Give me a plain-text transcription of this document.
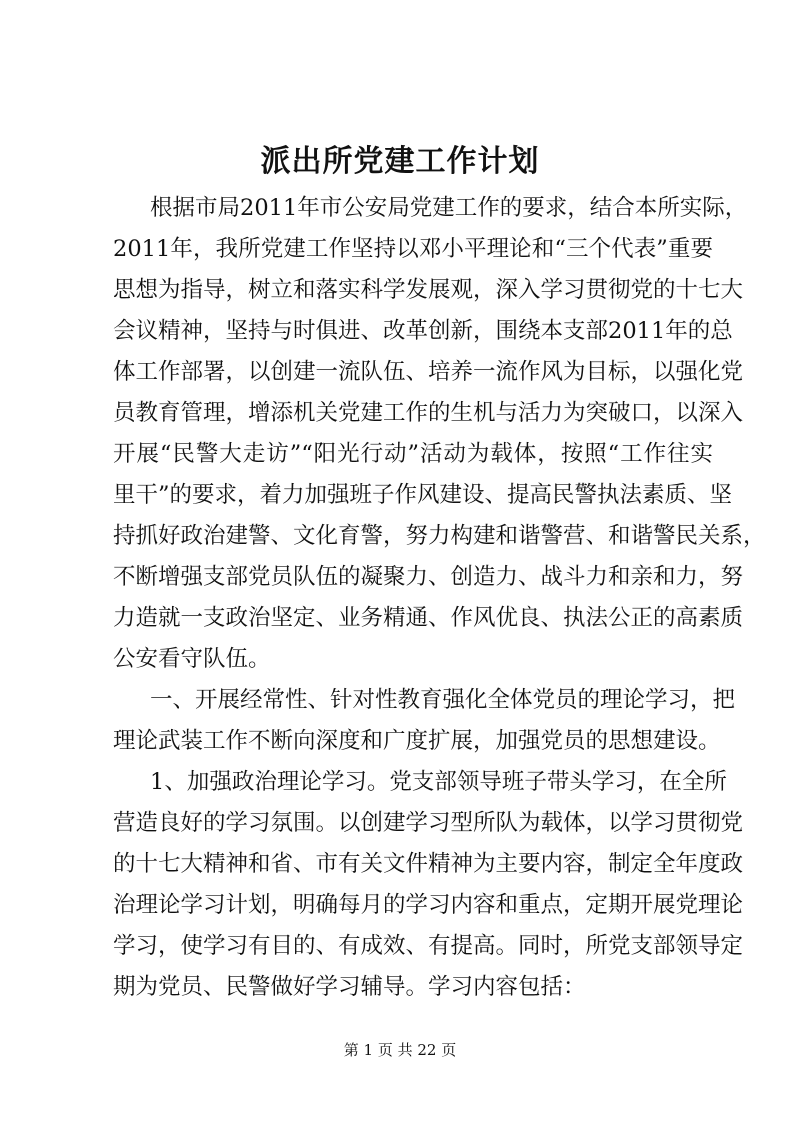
派出所党建工作计划
根据市局2011年市公安局党建工作的要求，结合本所实际，
2011年，我所党建工作坚持以邓小平理论和“三个代表”重要
思想为指导，树立和落实科学发展观，深入学习贯彻党的十七大
会议精神，坚持与时俱进、改革创新，围绕本支部2011年的总
体工作部署，以创建一流队伍、培养一流作风为目标，以强化党
员教育管理，增添机关党建工作的生机与活力为突破口，以深入
开展“民警大走访”“阳光行动”活动为载体，按照“工作往实
里干”的要求，着力加强班子作风建设、提高民警执法素质、坚
持抓好政治建警、文化育警，努力构建和谐警营、和谐警民关系，
不断增强支部党员队伍的凝聚力、创造力、战斗力和亲和力，努
力造就一支政治坚定、业务精通、作风优良、执法公正的高素质
公安看守队伍。
一、开展经常性、针对性教育强化全体党员的理论学习，把
理论武装工作不断向深度和广度扩展，加强党员的思想建设。
1、加强政治理论学习。党支部领导班子带头学习，在全所
营造良好的学习氛围。以创建学习型所队为载体，以学习贯彻党
的十七大精神和省、市有关文件精神为主要内容，制定全年度政
治理论学习计划，明确每月的学习内容和重点，定期开展党理论
学习，使学习有目的、有成效、有提高。同时，所党支部领导定
期为党员、民警做好学习辅导。学习内容包括：
第 1 页 共 22 页
